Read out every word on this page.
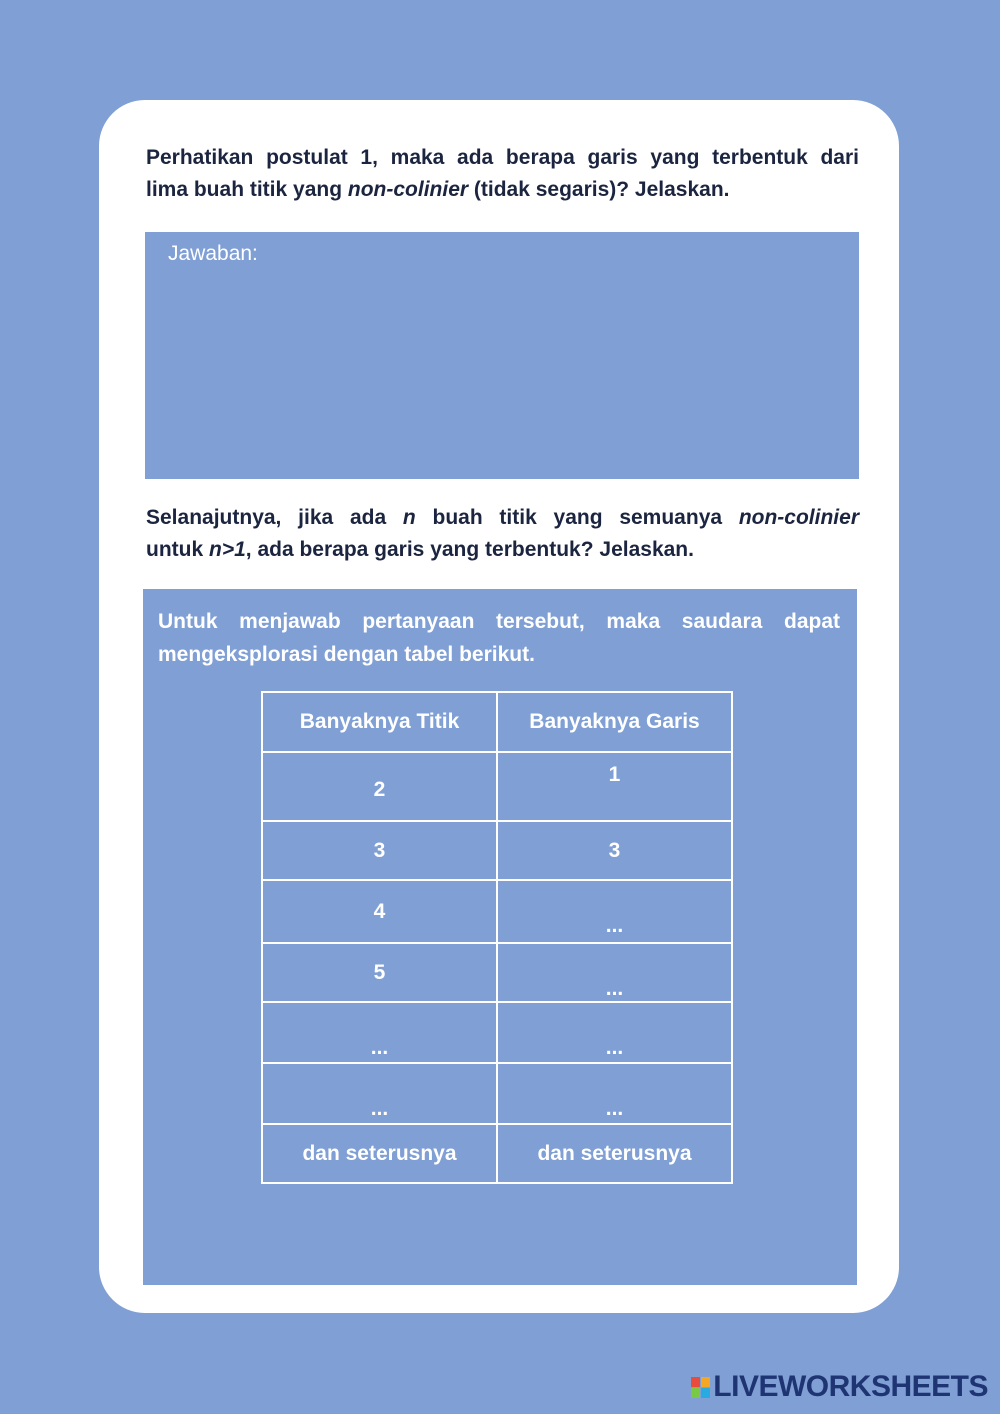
Perhatikan postulat 1, maka ada berapa garis yang terbentuk dari
lima buah titik yang non-colinier (tidak segaris)? Jelaskan.

Jawaban:

Selanajutnya, jika ada n buah titik yang semuanya non-colinier
untuk n>1, ada berapa garis yang terbentuk? Jelaskan.

Untuk menjawab pertanyaan tersebut, maka saudara dapat
mengeksplorasi dengan tabel berikut.

Banyaknya Titik	Banyaknya Garis
2	1
3	3
4	...
5	...
...	...
...	...
dan seterusnya	dan seterusnya
LIVEWORKSHEETS
